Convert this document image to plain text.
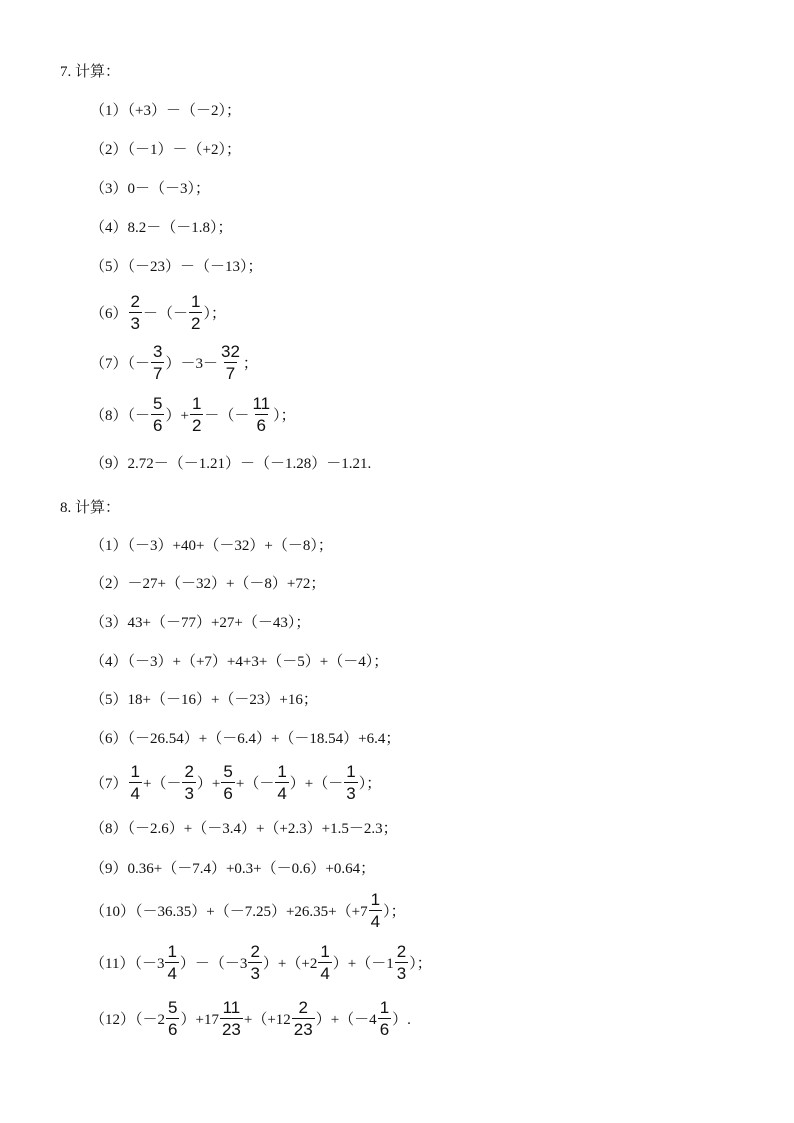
7. 计算：
（1）（+3）－（－2）；
（2）（－1）－（+2）；
（3）0－（－3）；
（4）8.2－（－1.8）；
（5）（－23）－（－13）；
$(6) \frac{2}{3}$ －（－ $\frac{1}{2}$ ）；
$(7)(- \frac{3}{7} )-3- \frac{32}{7}$ ；
$(8)(- \frac{5}{6}$ ）+ $\frac{1}{2}$ －（－ $\frac{11}{6}$ ）；
（9）2.72－（－1.21）－（－1.28）－1.21.
8. 计算：
（1）（－3）+40+（－32）+（－8）；
（2）－27+（－32）+（－8）+72；
（3）43+（－77）+27+（－43）；
（4）（－3）+（+7）+4+3+（－5）+（－4）；
（5）18+（－16）+（－23）+16；
（6）（－26.54）+（－6.4）+（－18.54）+6.4；
$(7) \frac{1}{4}$ +（－ $\frac{2}{3}$ ）+ $\frac{5}{6}$ +（－ $\frac{1}{4}$ ）+（－ $\frac{1}{3}$ ）；
（8）（－2.6）+（－3.4）+（+2.3）+1.5－2.3；
（9）0.36+（－7.4）+0.3+（－0.6）+0.64；
$(10)(-36.35)+(-7.25)+26.35+(+7 \frac{1}{4}$ ）；
$(11)(-3 \frac{1}{4} )-(-3 \frac{2}{3} )+(+2 \frac{1}{4} )+(-1 \frac{2}{3}$ ）；
$(12)(-2 \frac{5}{6} )+17 \frac{11}{23} +(+12 \frac{2}{23} )+(-4 \frac{1}{6}$ ）.
